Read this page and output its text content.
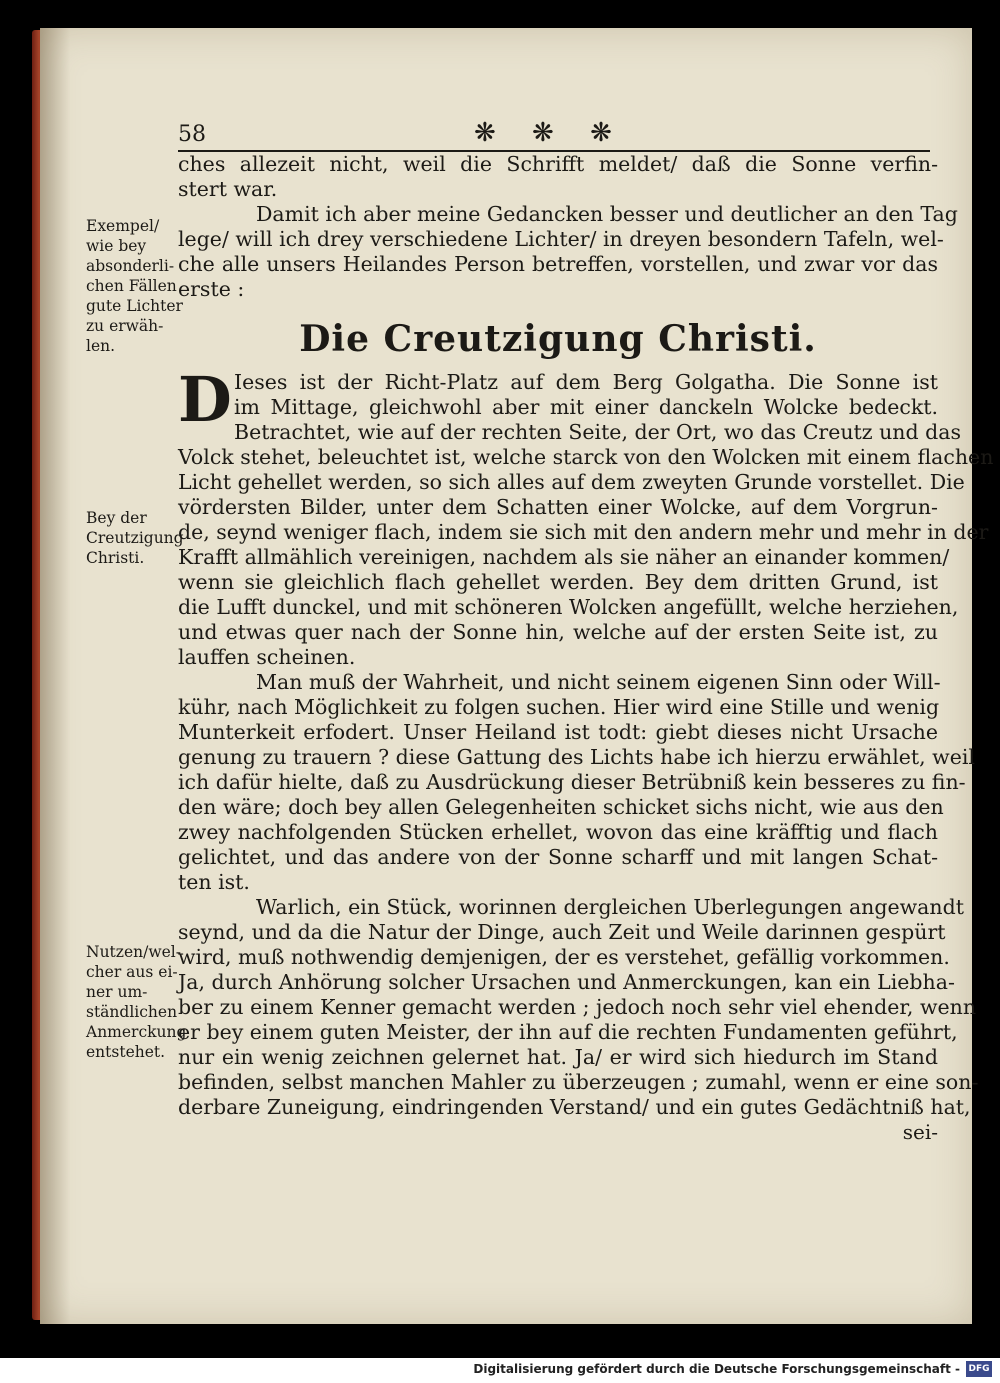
58	❋ ❋ ❋
Exempel/
wie bey
absonderli-
chen Fällen
gute Lichter
zu erwäh-
len.
Bey der
Creutzigung
Christi.
Nutzen/wel-
cher aus ei-
ner um-
ständlichen
Anmerckung
entstehet.
ches allezeit nicht, weil die Schrifft meldet/ daß die Sonne verfin-
stert war.
Damit ich aber meine Gedancken besser und deutlicher an den Tag
lege/ will ich drey verschiedene Lichter/ in dreyen besondern Tafeln, wel-
che alle unsers Heilandes Person betreffen, vorstellen, und zwar vor das
erste :
Die Creutzigung Christi.
D Ieses ist der Richt-Platz auf dem Berg Golgatha. Die Sonne ist
im Mittage, gleichwohl aber mit einer danckeln Wolcke bedeckt.
Betrachtet, wie auf der rechten Seite, der Ort, wo das Creutz und das
Volck stehet, beleuchtet ist, welche starck von den Wolcken mit einem flachen
Licht gehellet werden, so sich alles auf dem zweyten Grunde vorstellet. Die
vördersten Bilder, unter dem Schatten einer Wolcke, auf dem Vorgrun-
de, seynd weniger flach, indem sie sich mit den andern mehr und mehr in der
Krafft allmählich vereinigen, nachdem als sie näher an einander kommen/
wenn sie gleichlich flach gehellet werden. Bey dem dritten Grund, ist
die Lufft dunckel, und mit schöneren Wolcken angefüllt, welche herziehen,
und etwas quer nach der Sonne hin, welche auf der ersten Seite ist, zu
lauffen scheinen.
Man muß der Wahrheit, und nicht seinem eigenen Sinn oder Will-
kühr, nach Möglichkeit zu folgen suchen. Hier wird eine Stille und wenig
Munterkeit erfodert. Unser Heiland ist todt: giebt dieses nicht Ursache
genung zu trauern ? diese Gattung des Lichts habe ich hierzu erwählet, weil
ich dafür hielte, daß zu Ausdrückung dieser Betrübniß kein besseres zu fin-
den wäre; doch bey allen Gelegenheiten schicket sichs nicht, wie aus den
zwey nachfolgenden Stücken erhellet, wovon das eine kräfftig und flach
gelichtet, und das andere von der Sonne scharff und mit langen Schat-
ten ist.
Warlich, ein Stück, worinnen dergleichen Uberlegungen angewandt
seynd, und da die Natur der Dinge, auch Zeit und Weile darinnen gespürt
wird, muß nothwendig demjenigen, der es verstehet, gefällig vorkommen.
Ja, durch Anhörung solcher Ursachen und Anmerckungen, kan ein Liebha-
ber zu einem Kenner gemacht werden ; jedoch noch sehr viel ehender, wenn
er bey einem guten Meister, der ihn auf die rechten Fundamenten geführt,
nur ein wenig zeichnen gelernet hat. Ja/ er wird sich hiedurch im Stand
befinden, selbst manchen Mahler zu überzeugen ; zumahl, wenn er eine son-
derbare Zuneigung, eindringenden Verstand/ und ein gutes Gedächtniß hat,
sei-
Digitalisierung gefördert durch die Deutsche Forschungsgemeinschaft - DFG
